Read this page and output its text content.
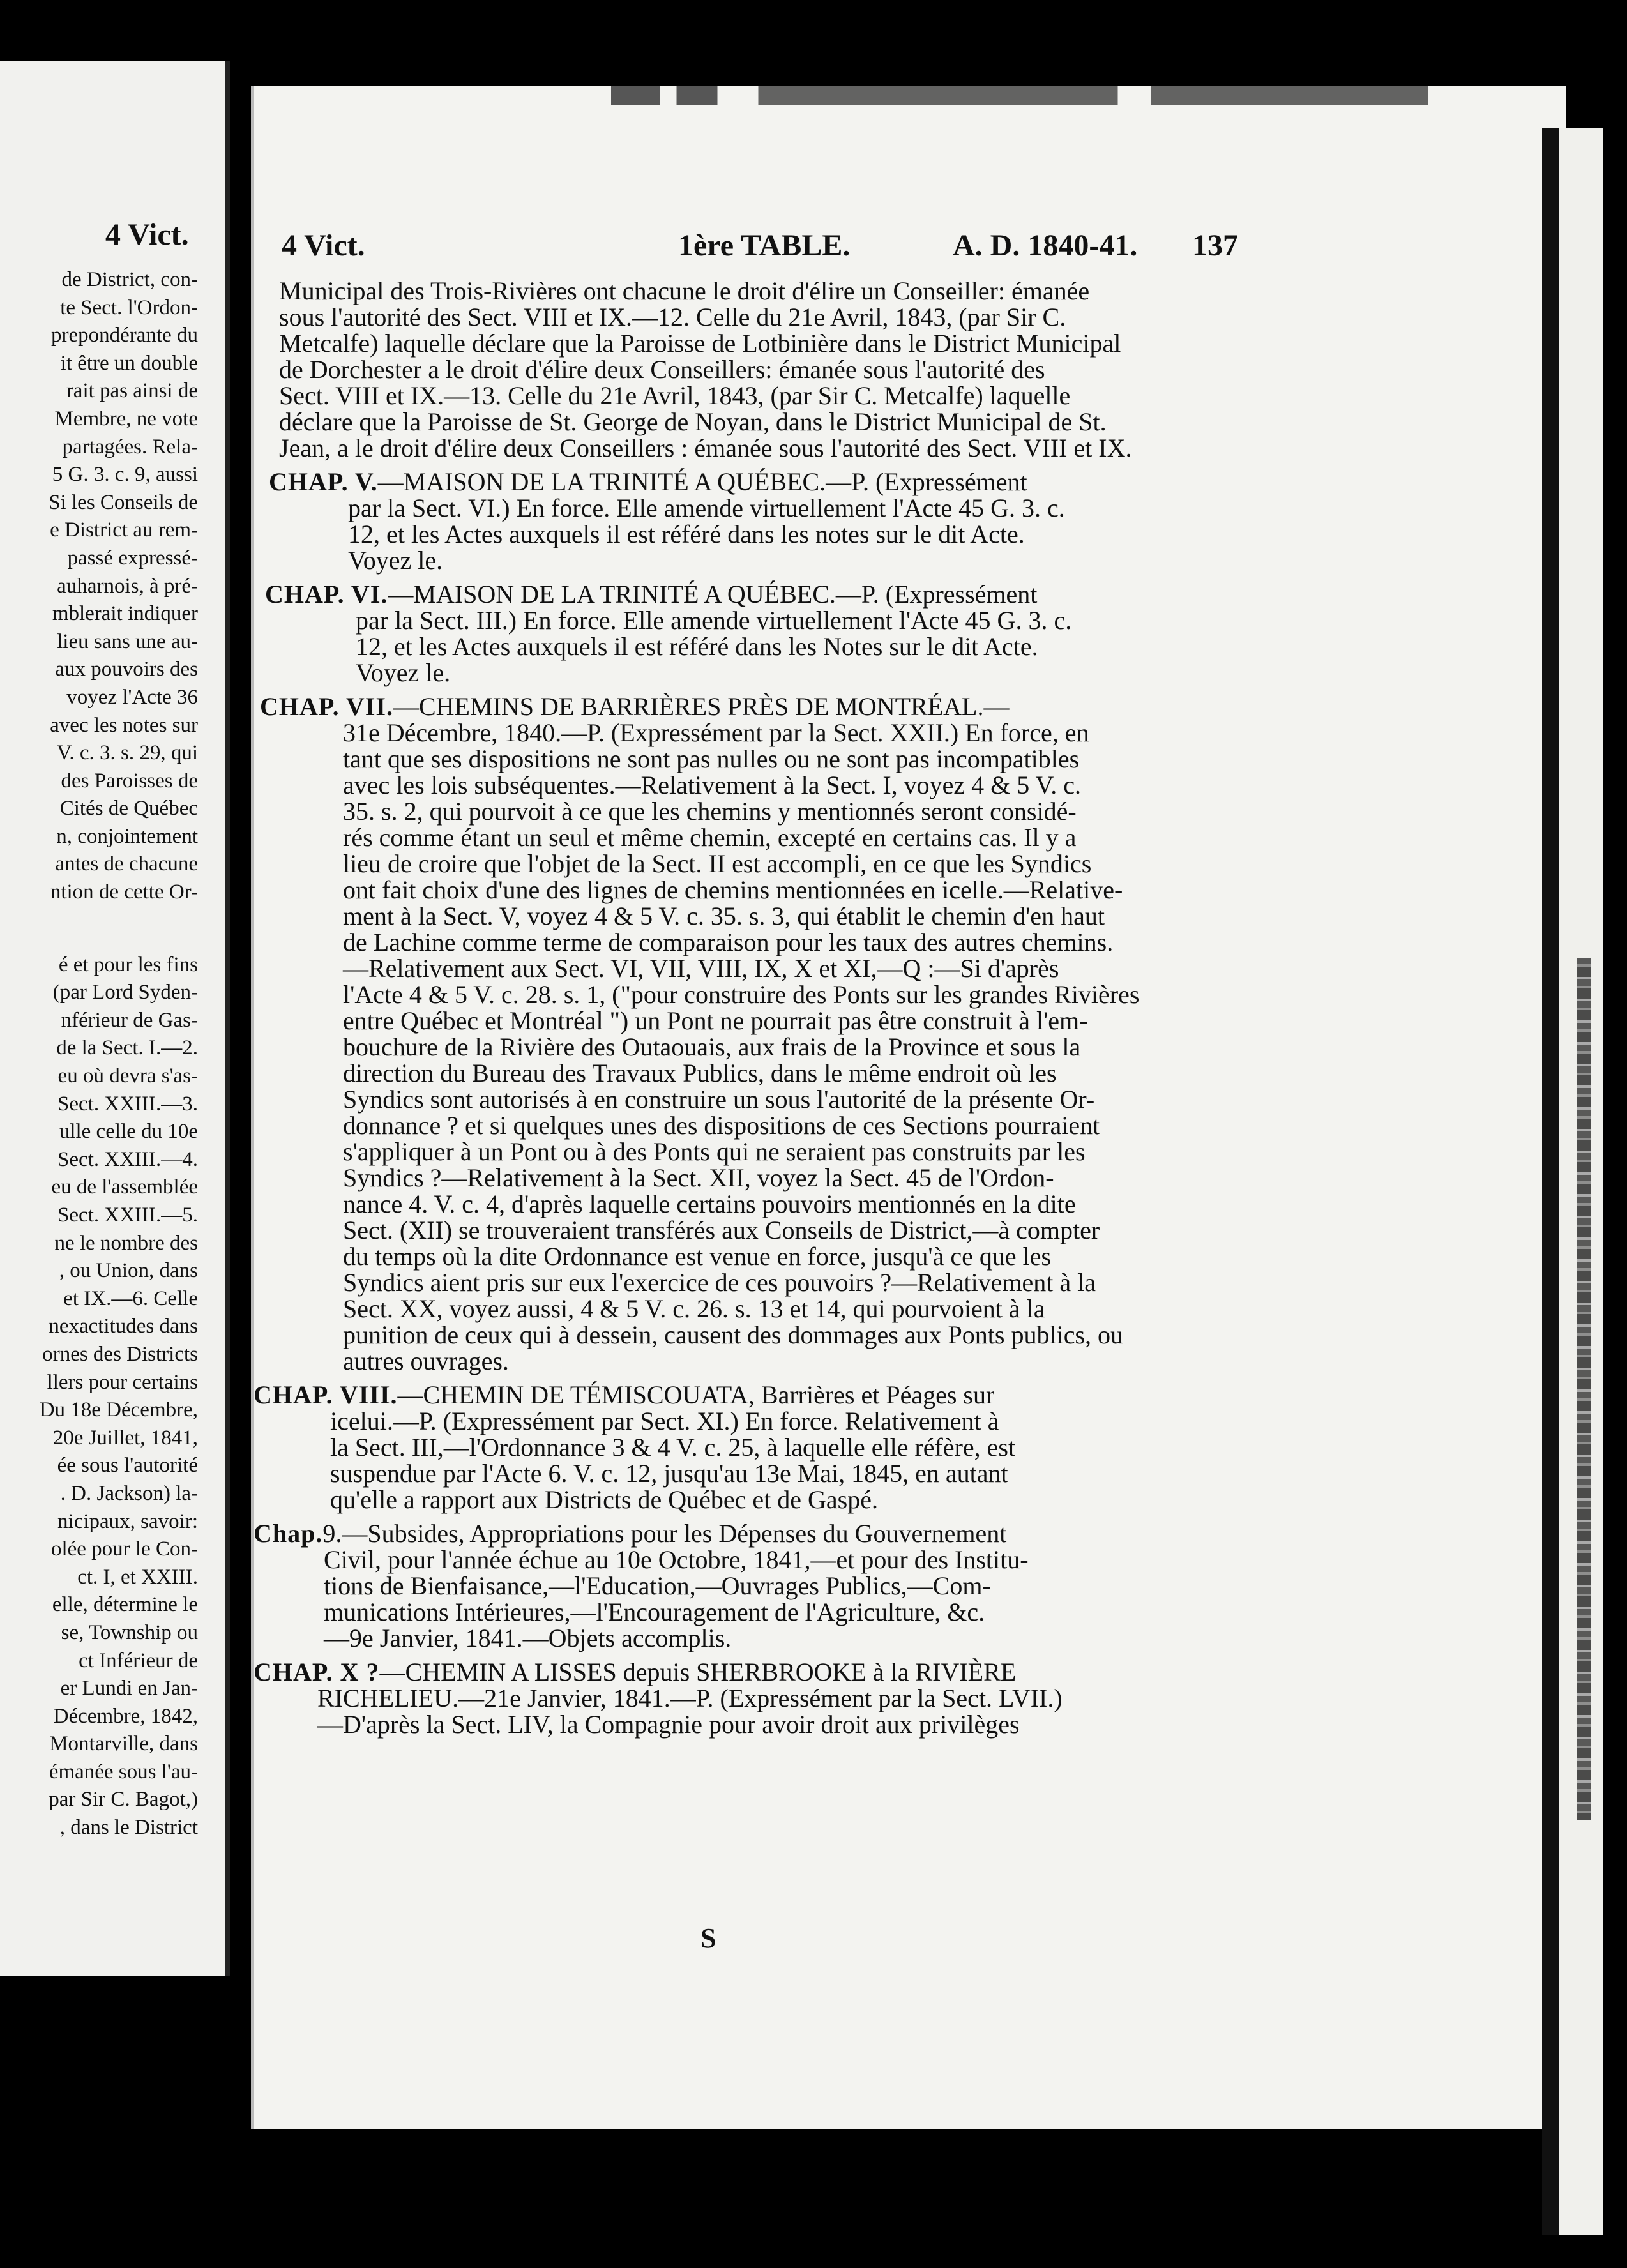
4 Vict.
de District, con-
te Sect. l'Ordon-
prepondérante du
it être un double
rait pas ainsi de
Membre, ne vote
partagées. Rela-
5 G. 3. c. 9, aussi
Si les Conseils de
e District au rem-
passé expressé-
auharnois, à pré-
mblerait indiquer
lieu sans une au-
aux pouvoirs des
voyez l'Acte 36
avec les notes sur
V. c. 3. s. 29, qui
des Paroisses de
Cités de Québec
n, conjointement
antes de chacune
ntion de cette Or-
é et pour les fins
(par Lord Syden-
nférieur de Gas-
de la Sect. I.—2.
eu où devra s'as-
Sect. XXIII.—3.
ulle celle du 10e
Sect. XXIII.—4.
eu de l'assemblée
Sect. XXIII.—5.
ne le nombre des
, ou Union, dans
et IX.—6. Celle
nexactitudes dans
ornes des Districts
llers pour certains
Du 18e Décembre,
20e Juillet, 1841,
ée sous l'autorité
. D. Jackson) la-
nicipaux, savoir:
olée pour le Con-
ct. I, et XXIII.
elle, détermine le
se, Township ou
ct Inférieur de
er Lundi en Jan-
Décembre, 1842,
Montarville, dans
émanée sous l'au-
par Sir C. Bagot,)
, dans le District
4 Vict.	1ère TABLE.	A. D. 1840-41. 137
Municipal des Trois-Rivières ont chacune le droit d'élire un Conseiller: émanée
sous l'autorité des Sect. VIII et IX.—12. Celle du 21e Avril, 1843, (par Sir C.
Metcalfe) laquelle déclare que la Paroisse de Lotbinière dans le District Municipal
de Dorchester a le droit d'élire deux Conseillers: émanée sous l'autorité des
Sect. VIII et IX.—13. Celle du 21e Avril, 1843, (par Sir C. Metcalfe) laquelle
déclare que la Paroisse de St. George de Noyan, dans le District Municipal de St.
Jean, a le droit d'élire deux Conseillers : émanée sous l'autorité des Sect. VIII et IX.
CHAP. V.—MAISON DE LA TRINITÉ A QUÉBEC.—P. (Expressément
par la Sect. VI.) En force. Elle amende virtuellement l'Acte 45 G. 3. c.
12, et les Actes auxquels il est référé dans les notes sur le dit Acte.
Voyez le.
CHAP. VI.—MAISON DE LA TRINITÉ A QUÉBEC.—P. (Expressément
par la Sect. III.) En force. Elle amende virtuellement l'Acte 45 G. 3. c.
12, et les Actes auxquels il est référé dans les Notes sur le dit Acte.
Voyez le.
CHAP. VII.—CHEMINS DE BARRIÈRES PRÈS DE MONTRÉAL.—
31e Décembre, 1840.—P. (Expressément par la Sect. XXII.) En force, en
tant que ses dispositions ne sont pas nulles ou ne sont pas incompatibles
avec les lois subséquentes.—Relativement à la Sect. I, voyez 4 & 5 V. c.
35. s. 2, qui pourvoit à ce que les chemins y mentionnés seront considé-
rés comme étant un seul et même chemin, excepté en certains cas. Il y a
lieu de croire que l'objet de la Sect. II est accompli, en ce que les Syndics
ont fait choix d'une des lignes de chemins mentionnées en icelle.—Relative-
ment à la Sect. V, voyez 4 & 5 V. c. 35. s. 3, qui établit le chemin d'en haut
de Lachine comme terme de comparaison pour les taux des autres chemins.
—Relativement aux Sect. VI, VII, VIII, IX, X et XI,—Q :—Si d'après
l'Acte 4 & 5 V. c. 28. s. 1, ("pour construire des Ponts sur les grandes Rivières
entre Québec et Montréal ") un Pont ne pourrait pas être construit à l'em-
bouchure de la Rivière des Outaouais, aux frais de la Province et sous la
direction du Bureau des Travaux Publics, dans le même endroit où les
Syndics sont autorisés à en construire un sous l'autorité de la présente Or-
donnance ? et si quelques unes des dispositions de ces Sections pourraient
s'appliquer à un Pont ou à des Ponts qui ne seraient pas construits par les
Syndics ?—Relativement à la Sect. XII, voyez la Sect. 45 de l'Ordon-
nance 4. V. c. 4, d'après laquelle certains pouvoirs mentionnés en la dite
Sect. (XII) se trouveraient transférés aux Conseils de District,—à compter
du temps où la dite Ordonnance est venue en force, jusqu'à ce que les
Syndics aient pris sur eux l'exercice de ces pouvoirs ?—Relativement à la
Sect. XX, voyez aussi, 4 & 5 V. c. 26. s. 13 et 14, qui pourvoient à la
punition de ceux qui à dessein, causent des dommages aux Ponts publics, ou
autres ouvrages.
CHAP. VIII.—CHEMIN DE TÉMISCOUATA, Barrières et Péages sur
icelui.—P. (Expressément par Sect. XI.) En force. Relativement à
la Sect. III,—l'Ordonnance 3 & 4 V. c. 25, à laquelle elle réfère, est
suspendue par l'Acte 6. V. c. 12, jusqu'au 13e Mai, 1845, en autant
qu'elle a rapport aux Districts de Québec et de Gaspé.
Chap.9.—Subsides, Appropriations pour les Dépenses du Gouvernement
Civil, pour l'année échue au 10e Octobre, 1841,—et pour des Institu-
tions de Bienfaisance,—l'Education,—Ouvrages Publics,—Com-
munications Intérieures,—l'Encouragement de l'Agriculture, &c.
—9e Janvier, 1841.—Objets accomplis.
CHAP. X ?—CHEMIN A LISSES depuis SHERBROOKE à la RIVIÈRE
RICHELIEU.—21e Janvier, 1841.—P. (Expressément par la Sect. LVII.)
—D'après la Sect. LIV, la Compagnie pour avoir droit aux privilèges
S
